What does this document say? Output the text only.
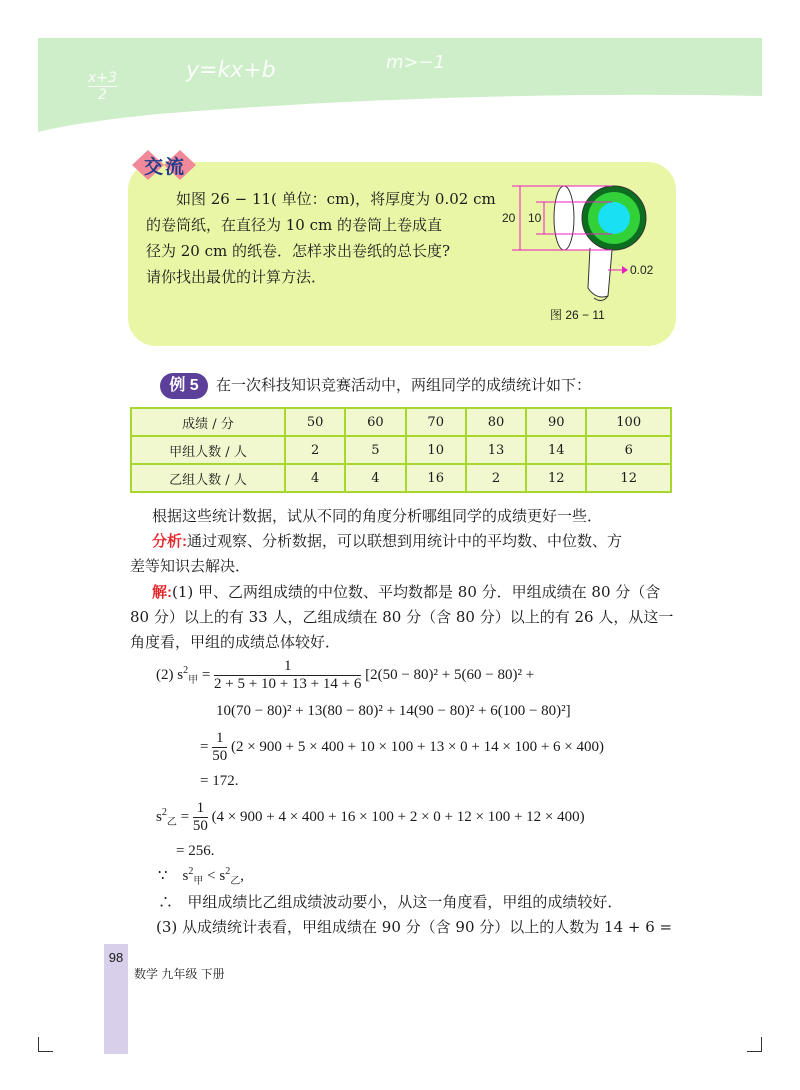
x+3
2
y=kx+b	m>−1
交流

如图 26 − 11( 单位：cm)，将厚度为 0.02 cm

的卷筒纸，在直径为 10 cm 的卷筒上卷成直

径为 20 cm 的纸卷．怎样求出卷纸的总长度?

请你找出最优的计算方法．

20 10
0.02
图 26 − 11
例 5	在一次科技知识竞赛活动中，两组同学的成绩统计如下：
成绩 / 分	50	60	70	80	90	100
甲组人数 / 人	2	5	10	13	14	6
乙组人数 / 人	4	4	16	2	12	12
根据这些统计数据，试从不同的角度分析哪组同学的成绩更好一些．
分析:通过观察、分析数据，可以联想到用统计中的平均数、中位数、方
差等知识去解决．
解:(1) 甲、乙两组成绩的中位数、平均数都是 80 分．甲组成绩在 80 分（含
80 分）以上的有 33 人，乙组成绩在 80 分（含 80 分）以上的有 26 人，从这一
角度看，甲组的成绩总体较好．
(2) $s^2_甲 = \frac{1}{2 + 5 + 10 + 13 + 14 + 6} [2(50 - 80)^2 + 5(60 - 80)^2$ +
10(70 − 80)² + 13(80 − 80)² + 14(90 − 80)² + 6(100 − 80)²]
= $\frac{1}{50} (2 \times 900 + 5 \times 400 + 10 \times 100 + 13 \times 0 + 14 \times 100 + 6 \times 400)$
= 172.
$s^2_乙 = \frac{1}{50} (4 \times 900 + 4 \times 400 + 16 \times 100 + 2 \times 0 + 12 \times 100 + 12 \times 400)$
= 256.
∵ $s^2_甲 < s^2_乙$,
∴ 甲组成绩比乙组成绩波动要小，从这一角度看，甲组的成绩较好．
(3) 从成绩统计表看，甲组成绩在 90 分（含 90 分）以上的人数为 14 + 6 =
98
数学 九年级 下册
